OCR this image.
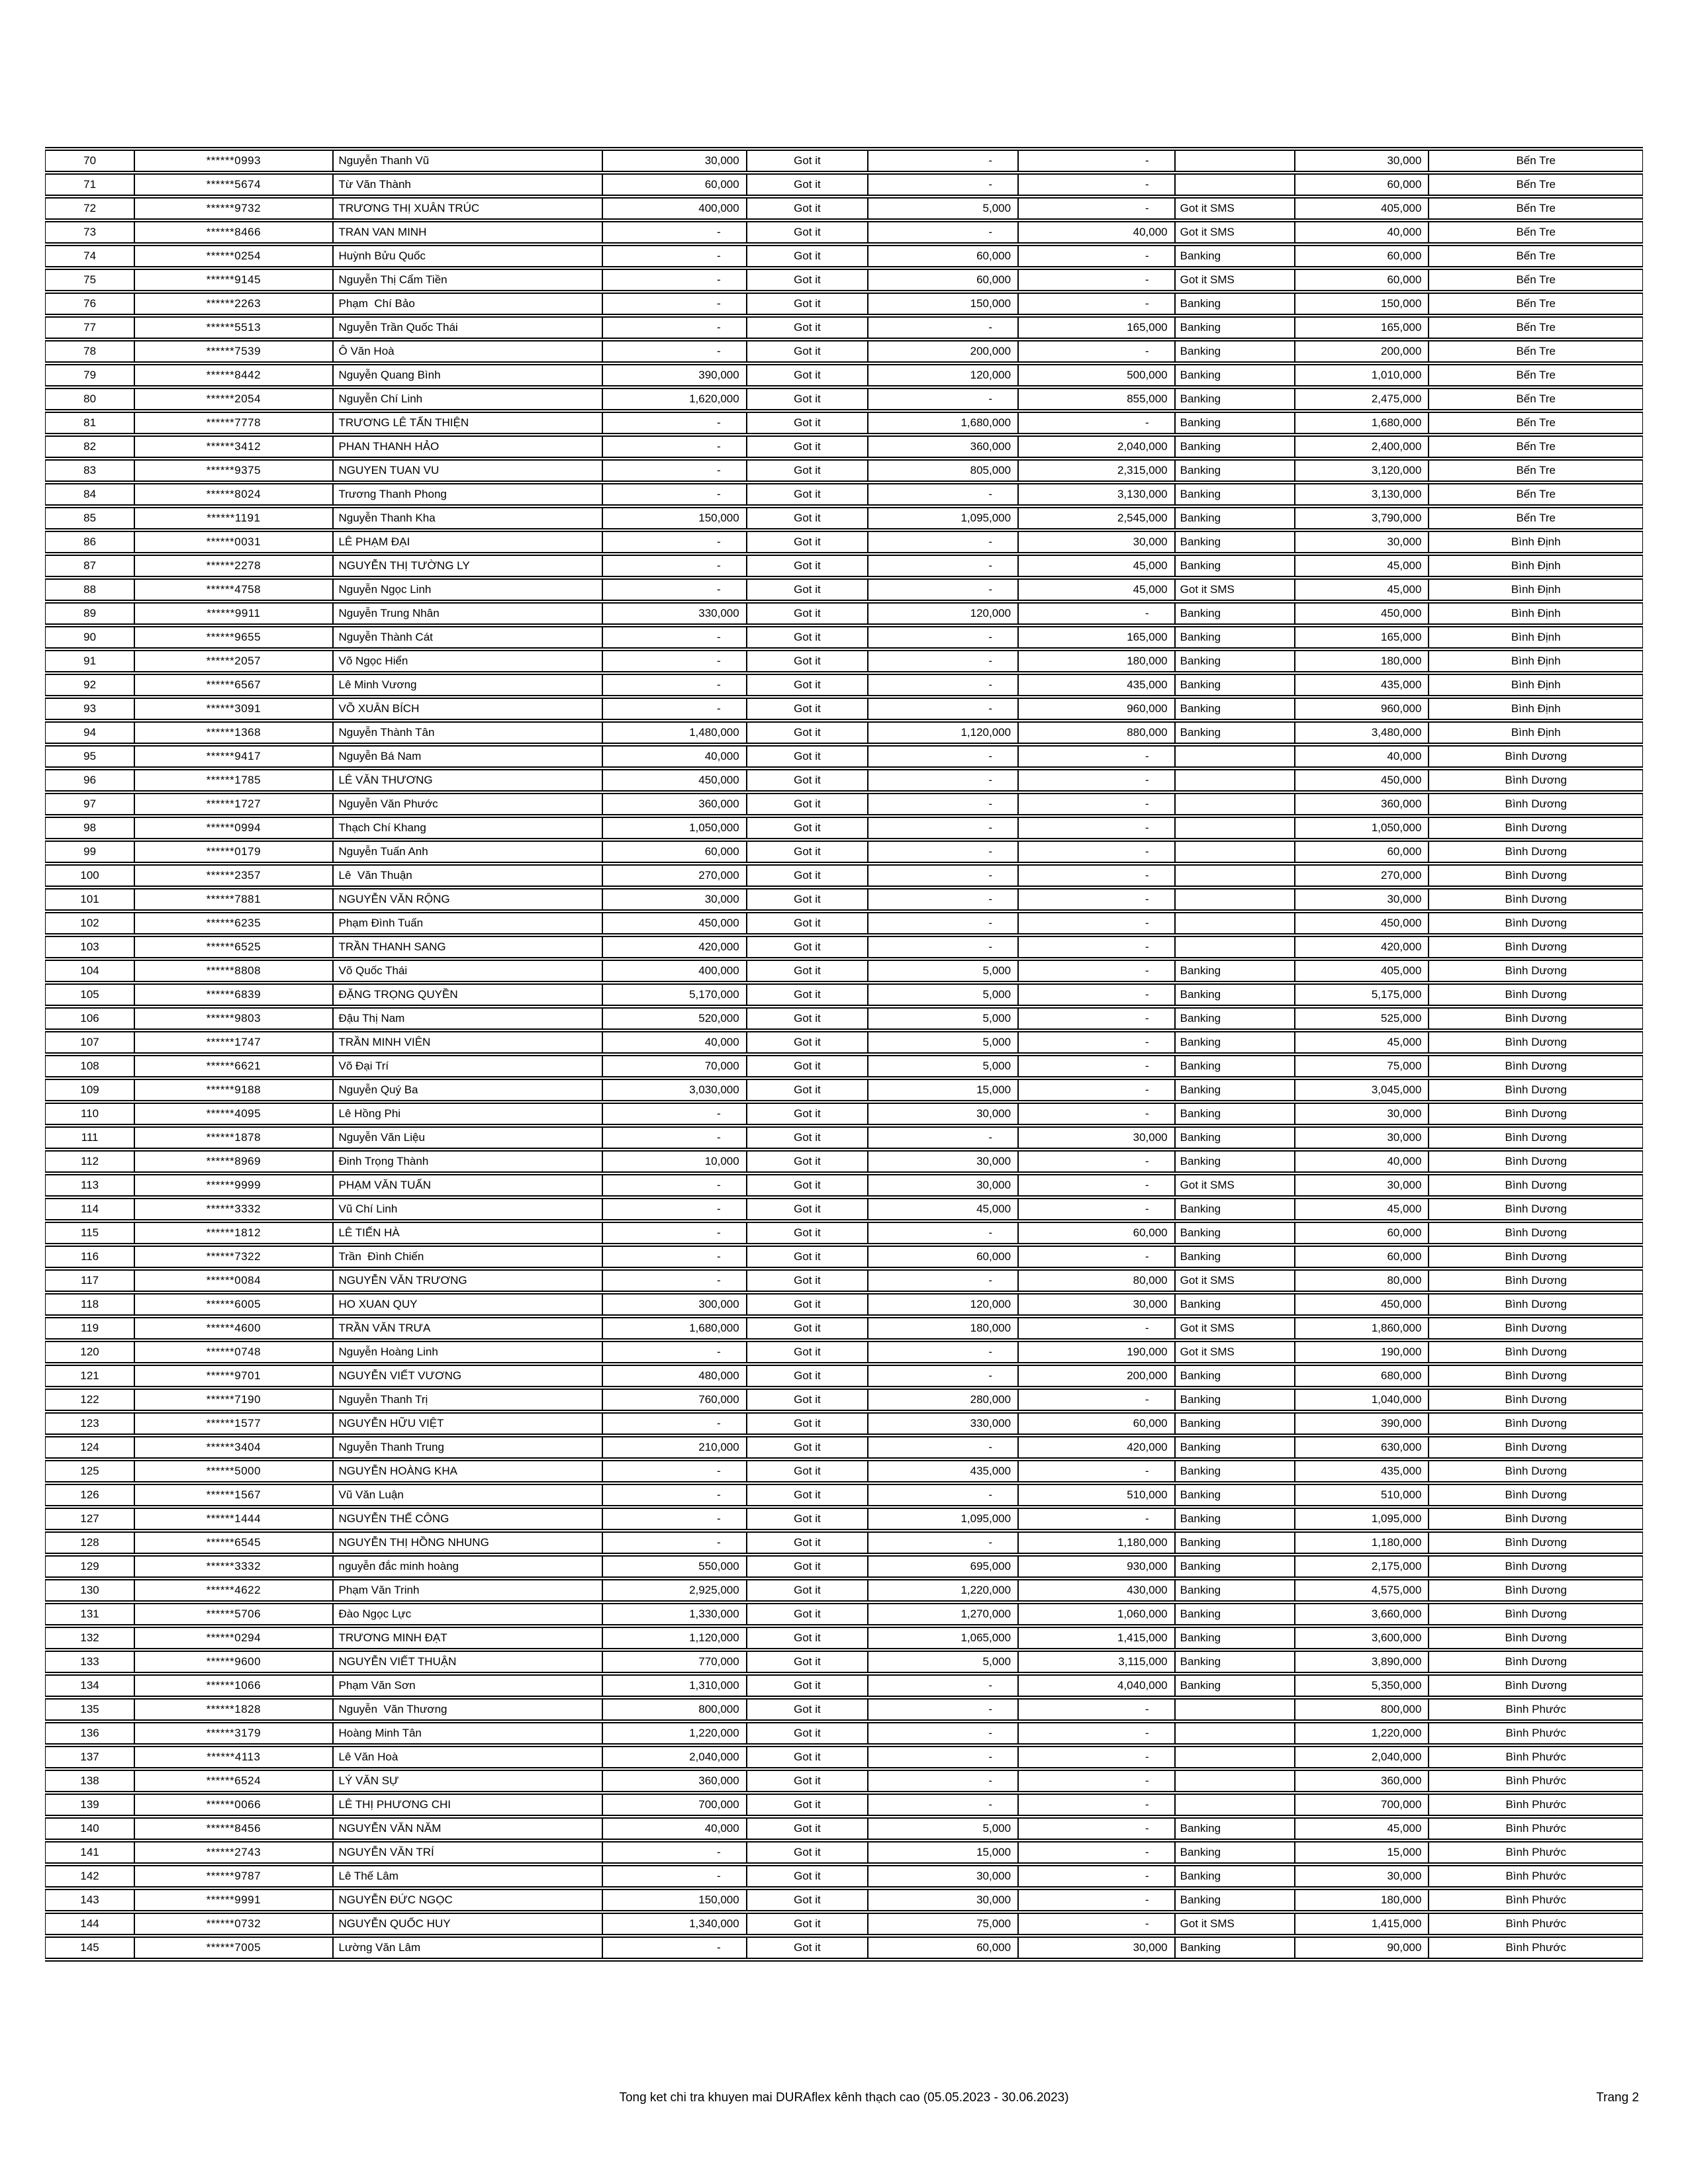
70	******0993	Nguyễn Thanh Vũ	30,000	Got it	-	-		30,000	Bến Tre
71	******5674	Từ Văn Thành	60,000	Got it	-	-		60,000	Bến Tre
72	******9732	TRƯƠNG THỊ XUÂN TRÚC	400,000	Got it	5,000	-	Got it SMS	405,000	Bến Tre
73	******8466	TRAN VAN MINH	-	Got it	-	40,000	Got it SMS	40,000	Bến Tre
74	******0254	Huỳnh Bửu Quốc	-	Got it	60,000	-	Banking	60,000	Bến Tre
75	******9145	Nguyễn Thị Cẩm Tiền	-	Got it	60,000	-	Got it SMS	60,000	Bến Tre
76	******2263	Phạm  Chí Bảo	-	Got it	150,000	-	Banking	150,000	Bến Tre
77	******5513	Nguyễn Trần Quốc Thái	-	Got it	-	165,000	Banking	165,000	Bến Tre
78	******7539	Ô Văn Hoà	-	Got it	200,000	-	Banking	200,000	Bến Tre
79	******8442	Nguyễn Quang Bình	390,000	Got it	120,000	500,000	Banking	1,010,000	Bến Tre
80	******2054	Nguyễn Chí Linh	1,620,000	Got it	-	855,000	Banking	2,475,000	Bến Tre
81	******7778	TRƯƠNG LÊ TẤN THIỆN	-	Got it	1,680,000	-	Banking	1,680,000	Bến Tre
82	******3412	PHAN THANH HẢO	-	Got it	360,000	2,040,000	Banking	2,400,000	Bến Tre
83	******9375	NGUYEN TUAN VU	-	Got it	805,000	2,315,000	Banking	3,120,000	Bến Tre
84	******8024	Trương Thanh Phong	-	Got it	-	3,130,000	Banking	3,130,000	Bến Tre
85	******1191	Nguyễn Thanh Kha	150,000	Got it	1,095,000	2,545,000	Banking	3,790,000	Bến Tre
86	******0031	LÊ PHẠM ĐẠI	-	Got it	-	30,000	Banking	30,000	Bình Định
87	******2278	NGUYỄN THỊ TƯỜNG LY	-	Got it	-	45,000	Banking	45,000	Bình Định
88	******4758	Nguyễn Ngọc Linh	-	Got it	-	45,000	Got it SMS	45,000	Bình Định
89	******9911	Nguyễn Trung Nhân	330,000	Got it	120,000	-	Banking	450,000	Bình Định
90	******9655	Nguyễn Thành Cát	-	Got it	-	165,000	Banking	165,000	Bình Định
91	******2057	Võ Ngọc Hiển	-	Got it	-	180,000	Banking	180,000	Bình Định
92	******6567	Lê Minh Vương	-	Got it	-	435,000	Banking	435,000	Bình Định
93	******3091	VÕ XUÂN BÍCH	-	Got it	-	960,000	Banking	960,000	Bình Định
94	******1368	Nguyễn Thành Tân	1,480,000	Got it	1,120,000	880,000	Banking	3,480,000	Bình Định
95	******9417	Nguyễn Bá Nam	40,000	Got it	-	-		40,000	Bình Dương
96	******1785	LÊ VĂN THƯƠNG	450,000	Got it	-	-		450,000	Bình Dương
97	******1727	Nguyễn Văn Phước	360,000	Got it	-	-		360,000	Bình Dương
98	******0994	Thạch Chí Khang	1,050,000	Got it	-	-		1,050,000	Bình Dương
99	******0179	Nguyễn Tuấn Anh	60,000	Got it	-	-		60,000	Bình Dương
100	******2357	Lê  Văn Thuận	270,000	Got it	-	-		270,000	Bình Dương
101	******7881	NGUYỄN VĂN RỘNG	30,000	Got it	-	-		30,000	Bình Dương
102	******6235	Phạm Đình Tuấn	450,000	Got it	-	-		450,000	Bình Dương
103	******6525	TRẦN THANH SANG	420,000	Got it	-	-		420,000	Bình Dương
104	******8808	Võ Quốc Thái	400,000	Got it	5,000	-	Banking	405,000	Bình Dương
105	******6839	ĐẶNG TRỌNG QUYỀN	5,170,000	Got it	5,000	-	Banking	5,175,000	Bình Dương
106	******9803	Đậu Thị Nam	520,000	Got it	5,000	-	Banking	525,000	Bình Dương
107	******1747	TRẦN MINH VIÊN	40,000	Got it	5,000	-	Banking	45,000	Bình Dương
108	******6621	Võ Đại Trí	70,000	Got it	5,000	-	Banking	75,000	Bình Dương
109	******9188	Nguyễn Quý Ba	3,030,000	Got it	15,000	-	Banking	3,045,000	Bình Dương
110	******4095	Lê Hồng Phi	-	Got it	30,000	-	Banking	30,000	Bình Dương
111	******1878	Nguyễn Văn Liệu	-	Got it	-	30,000	Banking	30,000	Bình Dương
112	******8969	Đinh Trọng Thành	10,000	Got it	30,000	-	Banking	40,000	Bình Dương
113	******9999	PHẠM VĂN TUẤN	-	Got it	30,000	-	Got it SMS	30,000	Bình Dương
114	******3332	Vũ Chí Linh	-	Got it	45,000	-	Banking	45,000	Bình Dương
115	******1812	LÊ TIẾN HÀ	-	Got it	-	60,000	Banking	60,000	Bình Dương
116	******7322	Trần  Đình Chiến	-	Got it	60,000	-	Banking	60,000	Bình Dương
117	******0084	NGUYỄN VĂN TRƯƠNG	-	Got it	-	80,000	Got it SMS	80,000	Bình Dương
118	******6005	HO XUAN QUY	300,000	Got it	120,000	30,000	Banking	450,000	Bình Dương
119	******4600	TRẦN VĂN TRƯA	1,680,000	Got it	180,000	-	Got it SMS	1,860,000	Bình Dương
120	******0748	Nguyễn Hoàng Linh	-	Got it	-	190,000	Got it SMS	190,000	Bình Dương
121	******9701	NGUYỄN VIẾT VƯƠNG	480,000	Got it	-	200,000	Banking	680,000	Bình Dương
122	******7190	Nguyễn Thanh Trị	760,000	Got it	280,000	-	Banking	1,040,000	Bình Dương
123	******1577	NGUYỄN HỮU VIỆT	-	Got it	330,000	60,000	Banking	390,000	Bình Dương
124	******3404	Nguyễn Thanh Trung	210,000	Got it	-	420,000	Banking	630,000	Bình Dương
125	******5000	NGUYỄN HOÀNG KHA	-	Got it	435,000	-	Banking	435,000	Bình Dương
126	******1567	Vũ Văn Luận	-	Got it	-	510,000	Banking	510,000	Bình Dương
127	******1444	NGUYỄN THẾ CÔNG	-	Got it	1,095,000	-	Banking	1,095,000	Bình Dương
128	******6545	NGUYỄN THỊ HỒNG NHUNG	-	Got it	-	1,180,000	Banking	1,180,000	Bình Dương
129	******3332	nguyễn đắc minh hoàng	550,000	Got it	695,000	930,000	Banking	2,175,000	Bình Dương
130	******4622	Phạm Văn Trinh	2,925,000	Got it	1,220,000	430,000	Banking	4,575,000	Bình Dương
131	******5706	Đào Ngọc Lực	1,330,000	Got it	1,270,000	1,060,000	Banking	3,660,000	Bình Dương
132	******0294	TRƯƠNG MINH ĐẠT	1,120,000	Got it	1,065,000	1,415,000	Banking	3,600,000	Bình Dương
133	******9600	NGUYỄN VIẾT THUẬN	770,000	Got it	5,000	3,115,000	Banking	3,890,000	Bình Dương
134	******1066	Phạm Văn Sơn	1,310,000	Got it	-	4,040,000	Banking	5,350,000	Bình Dương
135	******1828	Nguyễn  Văn Thương	800,000	Got it	-	-		800,000	Bình Phước
136	******3179	Hoàng Minh Tân	1,220,000	Got it	-	-		1,220,000	Bình Phước
137	******4113	Lê Văn Hoà	2,040,000	Got it	-	-		2,040,000	Bình Phước
138	******6524	LÝ VĂN SỰ	360,000	Got it	-	-		360,000	Bình Phước
139	******0066	LÊ THỊ PHƯƠNG CHI	700,000	Got it	-	-		700,000	Bình Phước
140	******8456	NGUYỄN VĂN NĂM	40,000	Got it	5,000	-	Banking	45,000	Bình Phước
141	******2743	NGUYỄN VĂN TRÍ	-	Got it	15,000	-	Banking	15,000	Bình Phước
142	******9787	Lê Thế Lâm	-	Got it	30,000	-	Banking	30,000	Bình Phước
143	******9991	NGUYỄN ĐỨC NGỌC	150,000	Got it	30,000	-	Banking	180,000	Bình Phước
144	******0732	NGUYỄN QUỐC HUY	1,340,000	Got it	75,000	-	Got it SMS	1,415,000	Bình Phước
145	******7005	Lường Văn Lâm	-	Got it	60,000	30,000	Banking	90,000	Bình Phước
Tong ket chi tra khuyen mai DURAflex kênh thạch cao (05.05.2023 - 30.06.2023)	Trang 2
